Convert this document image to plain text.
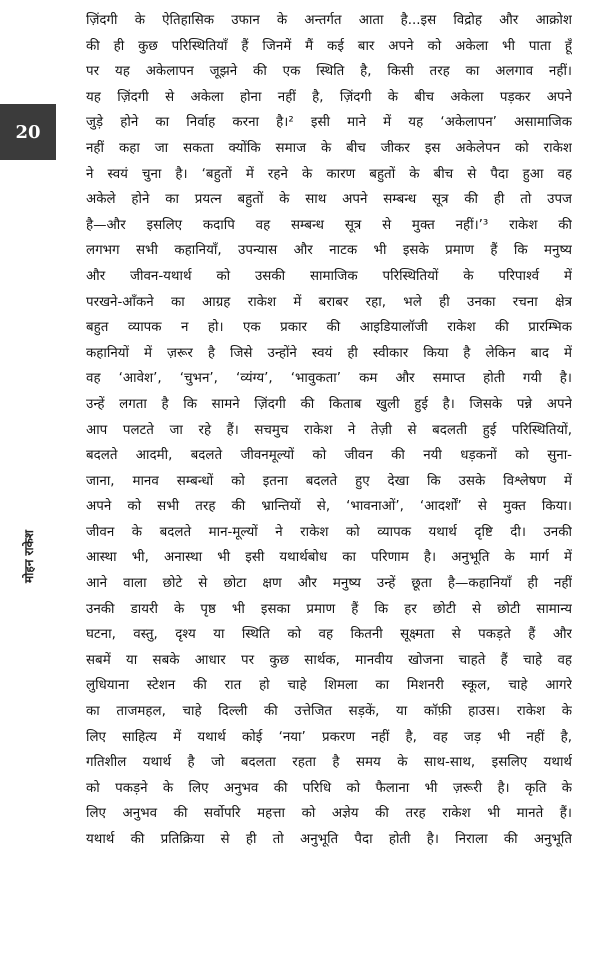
20
मोहन राकेश
ज़िंदगी के ऐतिहासिक उफान के अन्तर्गत आता है...इस विद्रोह और आक्रोश
की ही कुछ परिस्थितियाँ हैं जिनमें मैं कई बार अपने को अकेला भी पाता हूँ
पर यह अकेलापन जूझने की एक स्थिति है, किसी तरह का अलगाव नहीं।
यह ज़िंदगी से अकेला होना नहीं है, ज़िंदगी के बीच अकेला पड़कर अपने
जुड़े होने का निर्वाह करना है।² इसी माने में यह ‘अकेलापन’ असामाजिक
नहीं कहा जा सकता क्योंकि समाज के बीच जीकर इस अकेलेपन को राकेश
ने स्वयं चुना है। ‘बहुतों में रहने के कारण बहुतों के बीच से पैदा हुआ वह
अकेले होने का प्रयत्न बहुतों के साथ अपने सम्बन्ध सूत्र की ही तो उपज
है—और इसलिए कदापि वह सम्बन्ध सूत्र से मुक्त नहीं।’³ राकेश की
लगभग सभी कहानियाँ, उपन्यास और नाटक भी इसके प्रमाण हैं कि मनुष्य
और जीवन-यथार्थ को उसकी सामाजिक परिस्थितियों के परिपार्श्व में
परखने-आँकने का आग्रह राकेश में बराबर रहा, भले ही उनका रचना क्षेत्र
बहुत व्यापक न हो। एक प्रकार की आइडियालॉजी राकेश की प्रारम्भिक
कहानियों में ज़रूर है जिसे उन्होंने स्वयं ही स्वीकार किया है लेकिन बाद में
वह ‘आवेश’, ‘चुभन’, ‘व्यंग्य’, ‘भावुकता’ कम और समाप्त होती गयी है।
उन्हें लगता है कि सामने ज़िंदगी की किताब खुली हुई है। जिसके पन्ने अपने
आप पलटते जा रहे हैं। सचमुच राकेश ने तेज़ी से बदलती हुई परिस्थितियों,
बदलते आदमी, बदलते जीवनमूल्यों को जीवन की नयी धड़कनों को सुना-
जाना, मानव सम्बन्धों को इतना बदलते हुए देखा कि उसके विश्लेषण में
अपने को सभी तरह की भ्रान्तियों से, ‘भावनाओं’, ‘आदर्शों’ से मुक्त किया।
जीवन के बदलते मान-मूल्यों ने राकेश को व्यापक यथार्थ दृष्टि दी। उनकी
आस्था भी, अनास्था भी इसी यथार्थबोध का परिणाम है। अनुभूति के मार्ग में
आने वाला छोटे से छोटा क्षण और मनुष्य उन्हें छूता है—कहानियाँ ही नहीं
उनकी डायरी के पृष्ठ भी इसका प्रमाण हैं कि हर छोटी से छोटी सामान्य
घटना, वस्तु, दृश्य या स्थिति को वह कितनी सूक्ष्मता से पकड़ते हैं और
सबमें या सबके आधार पर कुछ सार्थक, मानवीय खोजना चाहते हैं चाहे वह
लुधियाना स्टेशन की रात हो चाहे शिमला का मिशनरी स्कूल, चाहे आगरे
का ताजमहल, चाहे दिल्ली की उत्तेजित सड़कें, या कॉफ़ी हाउस। राकेश के
लिए साहित्य में यथार्थ कोई ‘नया’ प्रकरण नहीं है, वह जड़ भी नहीं है,
गतिशील यथार्थ है जो बदलता रहता है समय के साथ-साथ, इसलिए यथार्थ
को पकड़ने के लिए अनुभव की परिधि को फैलाना भी ज़रूरी है। कृति के
लिए अनुभव की सर्वोपरि महत्ता को अज्ञेय की तरह राकेश भी मानते हैं।
यथार्थ की प्रतिक्रिया से ही तो अनुभूति पैदा होती है। निराला की अनुभूति
